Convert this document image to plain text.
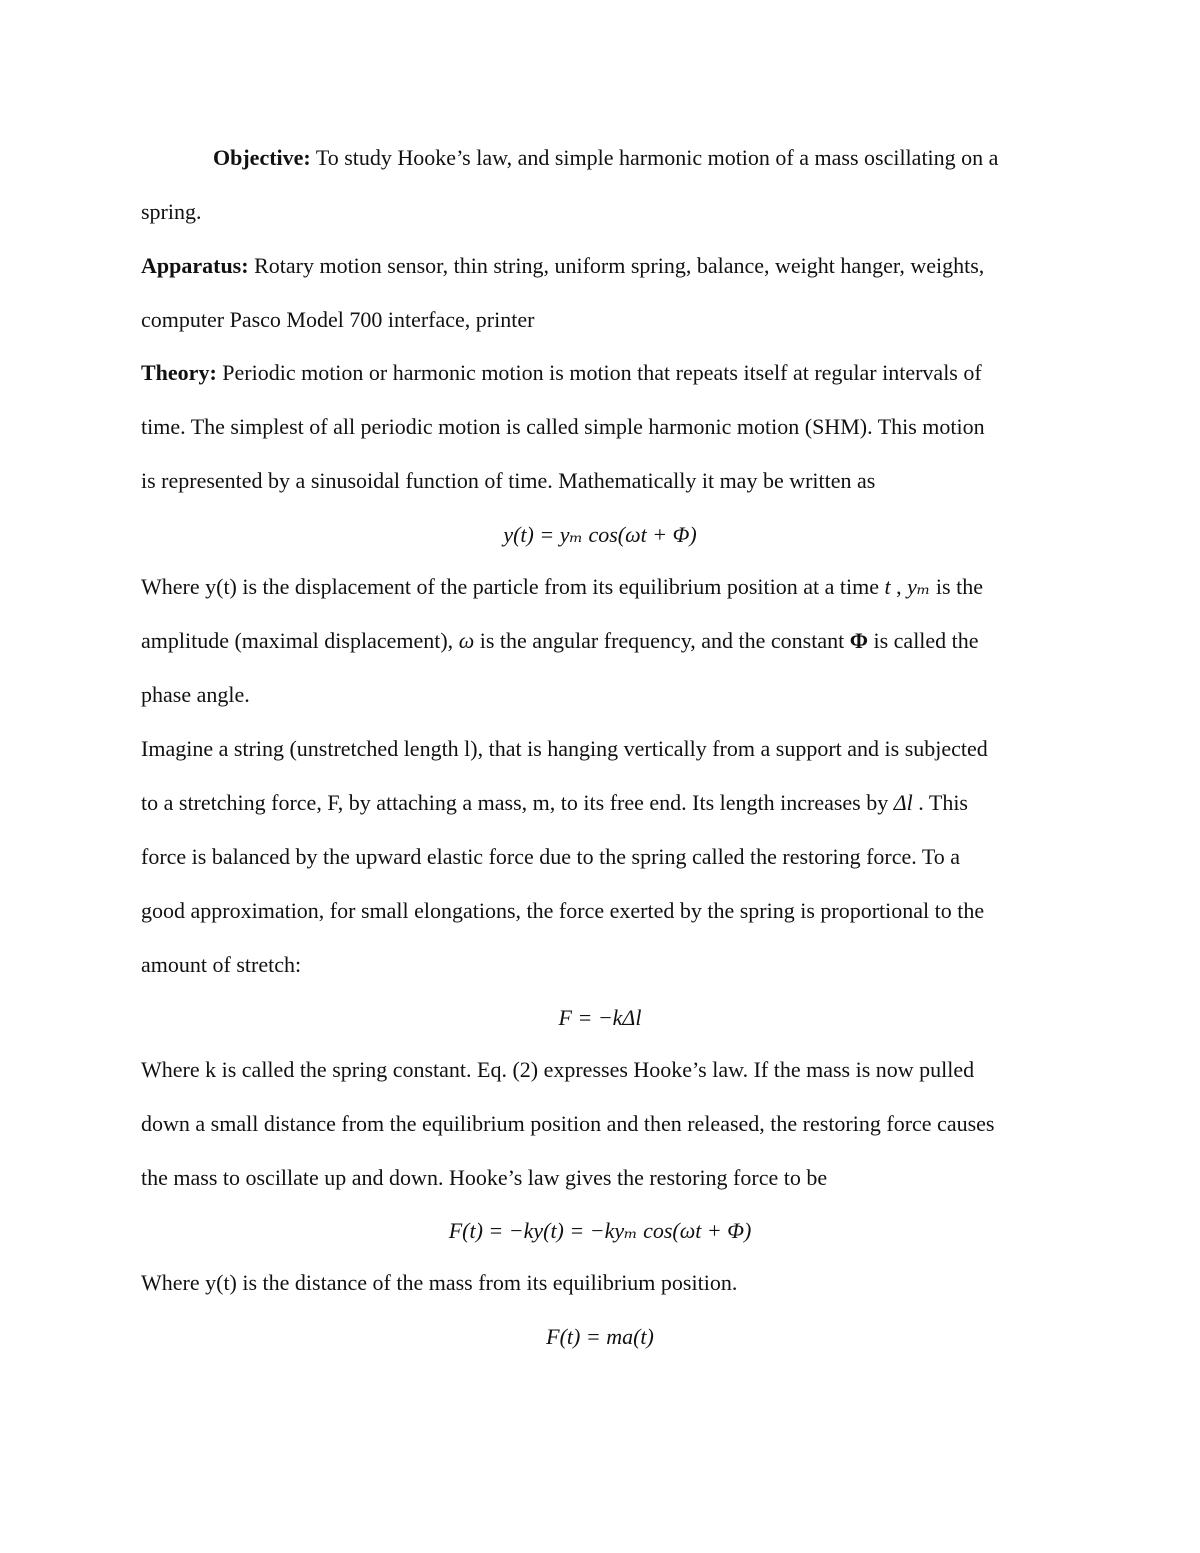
Objective: To study Hooke’s law, and simple harmonic motion of a mass oscillating on a
spring.
Apparatus: Rotary motion sensor, thin string, uniform spring, balance, weight hanger, weights,
computer Pasco Model 700 interface, printer
Theory: Periodic motion or harmonic motion is motion that repeats itself at regular intervals of
time. The simplest of all periodic motion is called simple harmonic motion (SHM). This motion
is represented by a sinusoidal function of time. Mathematically it may be written as
y(t) = yₘ cos(ωt + Φ)
Where y(t) is the displacement of the particle from its equilibrium position at a time t , yₘ is the
amplitude (maximal displacement), ω is the angular frequency, and the constant Φ is called the
phase angle.
Imagine a string (unstretched length l), that is hanging vertically from a support and is subjected
to a stretching force, F, by attaching a mass, m, to its free end. Its length increases by Δl . This
force is balanced by the upward elastic force due to the spring called the restoring force. To a
good approximation, for small elongations, the force exerted by the spring is proportional to the
amount of stretch:
F = −kΔl
Where k is called the spring constant. Eq. (2) expresses Hooke’s law. If the mass is now pulled
down a small distance from the equilibrium position and then released, the restoring force causes
the mass to oscillate up and down. Hooke’s law gives the restoring force to be
F(t) = −ky(t) = −kyₘ cos(ωt + Φ)
Where y(t) is the distance of the mass from its equilibrium position.
F(t) = ma(t)
